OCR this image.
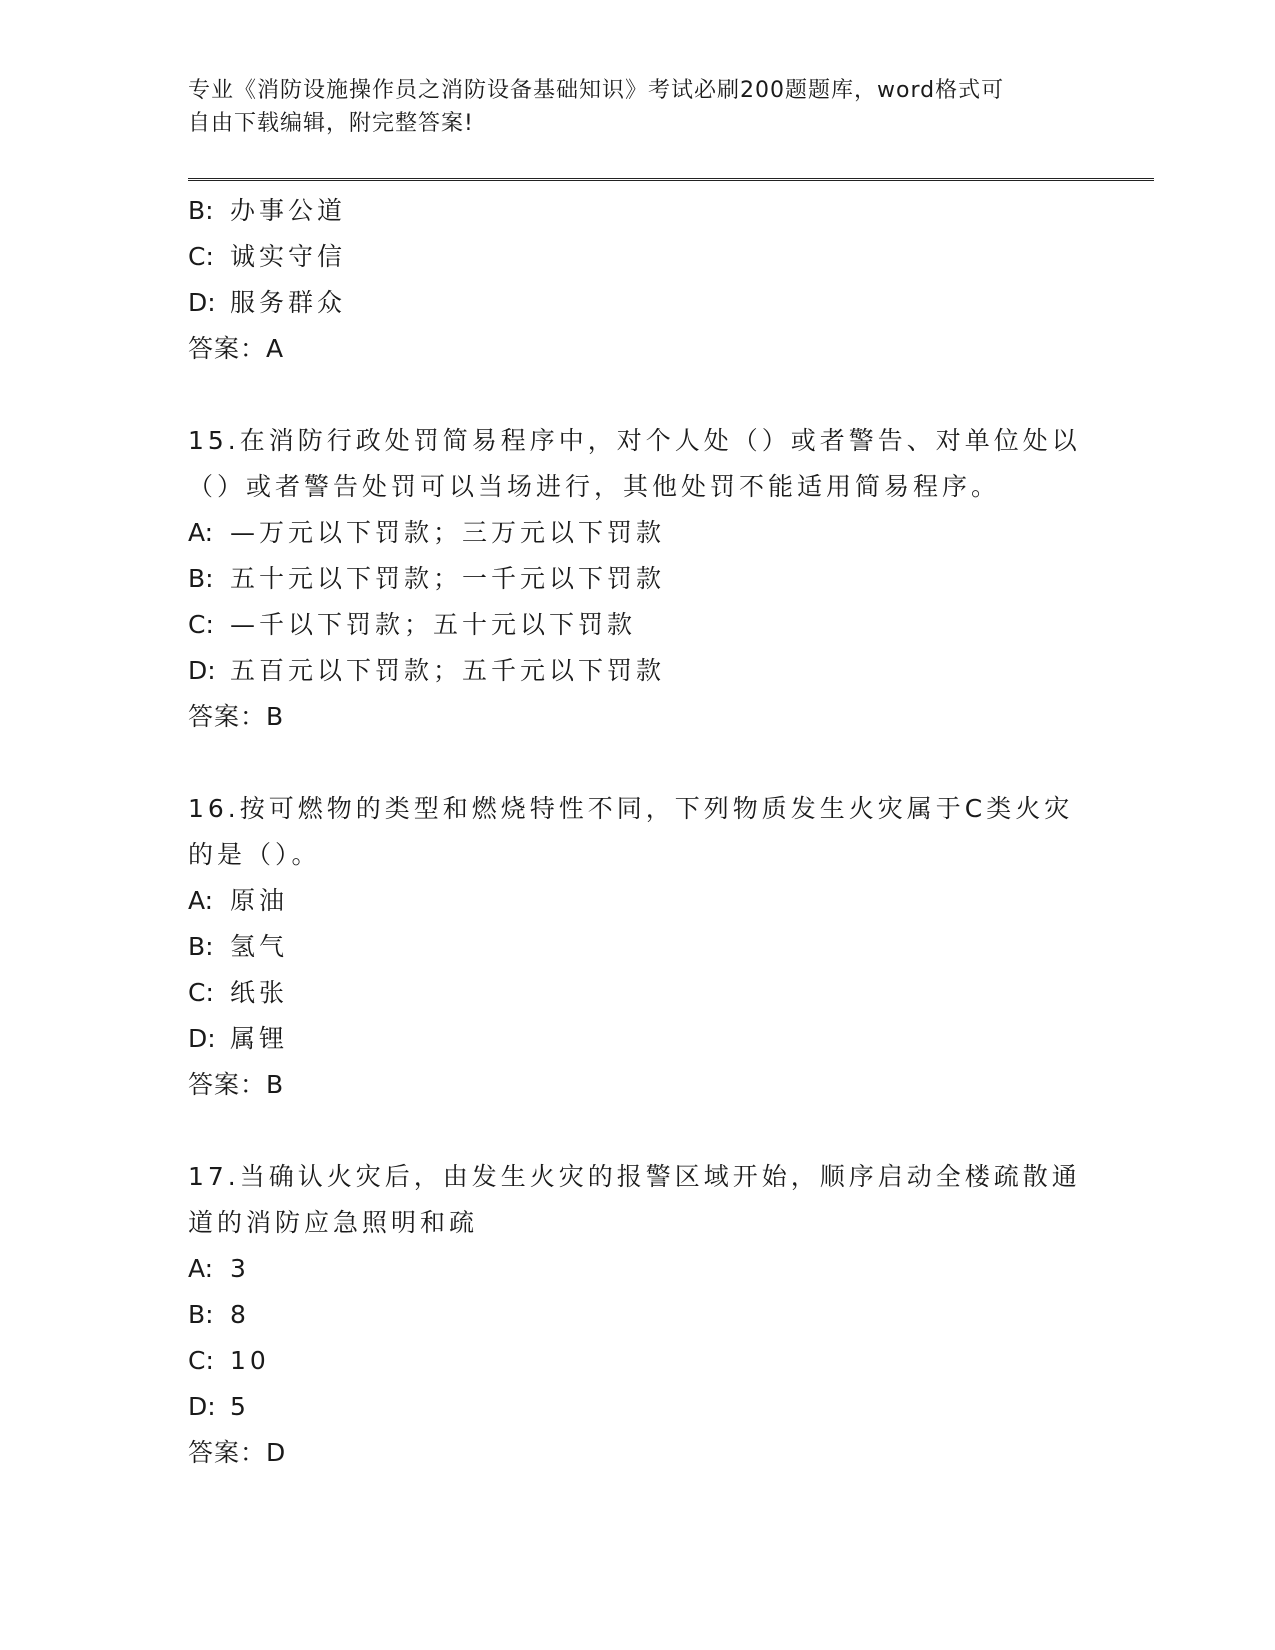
专业《消防设施操作员之消防设备基础知识》考试必刷200题题库，word格式可
自由下载编辑，附完整答案!
B: 办事公道
C: 诚实守信
D: 服务群众
答案：A
15.在消防行政处罚简易程序中，对个人处（）或者警告、对单位处以
（）或者警告处罚可以当场进行，其他处罚不能适用简易程序。
A: —万元以下罚款；三万元以下罚款
B: 五十元以下罚款；一千元以下罚款
C: —千以下罚款；五十元以下罚款
D: 五百元以下罚款；五千元以下罚款
答案：B
16.按可燃物的类型和燃烧特性不同，下列物质发生火灾属于C类火灾
的是（）。
A: 原油
B: 氢气
C: 纸张
D: 属锂
答案：B
17.当确认火灾后，由发生火灾的报警区域开始，顺序启动全楼疏散通
道的消防应急照明和疏
A: 3
B: 8
C: 10
D: 5
答案：D
